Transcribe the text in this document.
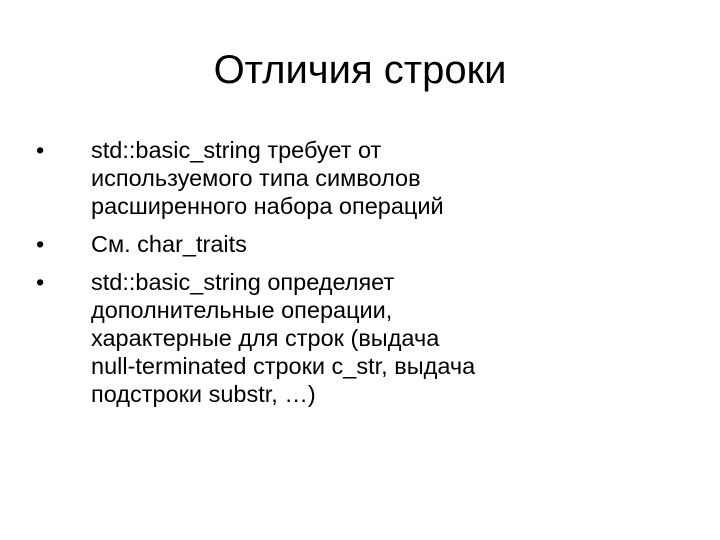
Отличия строки
•	std::basic_string требует от
используемого типа символов
расширенного набора операций
•	См. char_traits
•	std::basic_string определяет
дополнительные операции,
характерные для строк (выдача
null-terminated строки c_str, выдача
подстроки substr, …)
